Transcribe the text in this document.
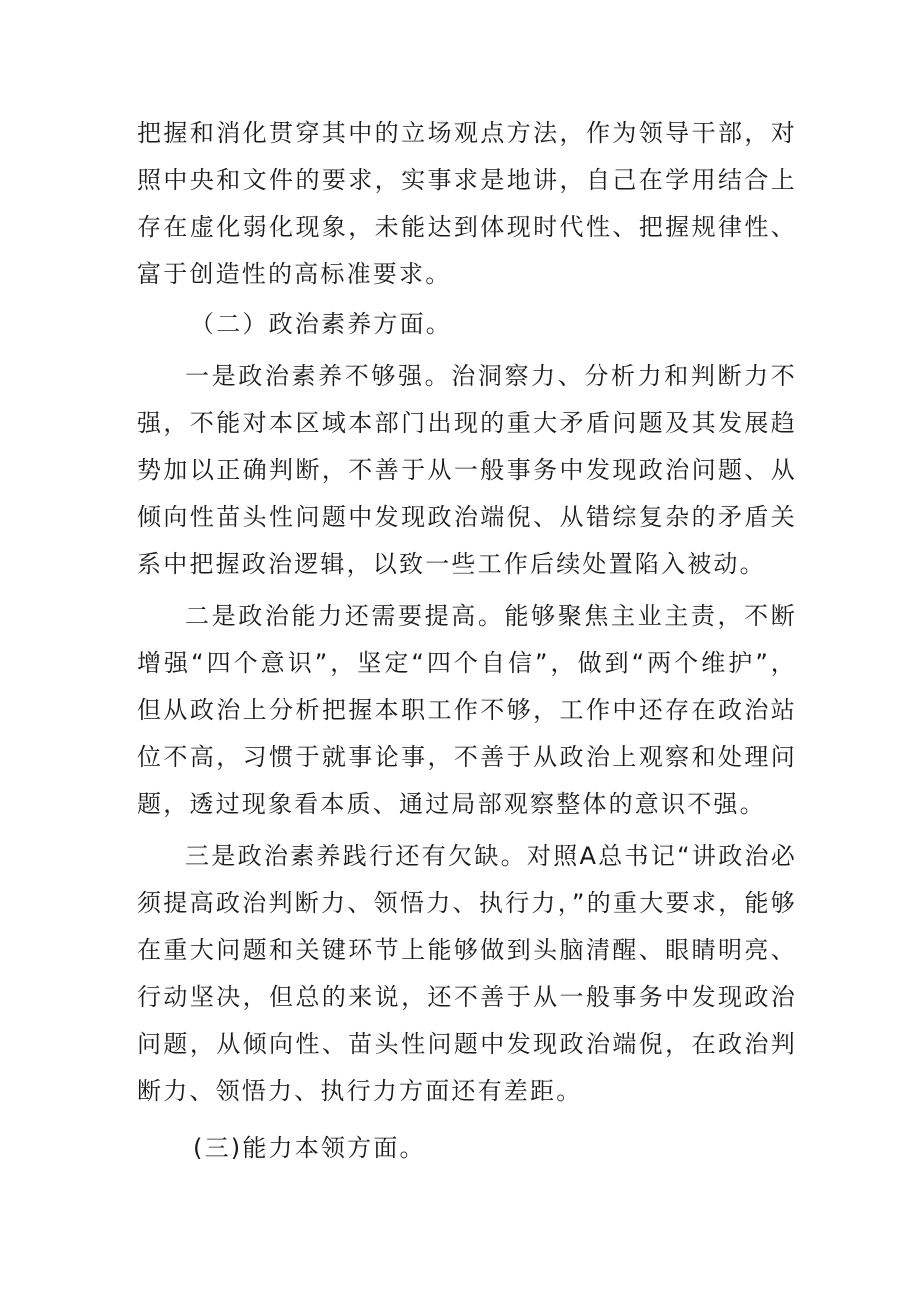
把握和消化贯穿其中的立场观点方法，作为领导干部，对照中央和文件的要求，实事求是地讲，自己在学用结合上存在虚化弱化现象，未能达到体现时代性、把握规律性、富于创造性的高标准要求。

（二）政治素养方面。

一是政治素养不够强。治洞察力、分析力和判断力不强，不能对本区域本部门出现的重大矛盾问题及其发展趋势加以正确判断，不善于从一般事务中发现政治问题、从倾向性苗头性问题中发现政治端倪、从错综复杂的矛盾关系中把握政治逻辑，以致一些工作后续处置陷入被动。

二是政治能力还需要提高。能够聚焦主业主责，不断增强“四个意识”，坚定“四个自信”，做到“两个维护”，但从政治上分析把握本职工作不够，工作中还存在政治站位不高，习惯于就事论事，不善于从政治上观察和处理问题，透过现象看本质、通过局部观察整体的意识不强。

三是政治素养践行还有欠缺。对照A总书记“讲政治必须提高政治判断力、领悟力、执行力，”的重大要求，能够在重大问题和关键环节上能够做到头脑清醒、眼睛明亮、行动坚决，但总的来说，还不善于从一般事务中发现政治问题，从倾向性、苗头性问题中发现政治端倪，在政治判断力、领悟力、执行力方面还有差距。

(三)能力本领方面。
